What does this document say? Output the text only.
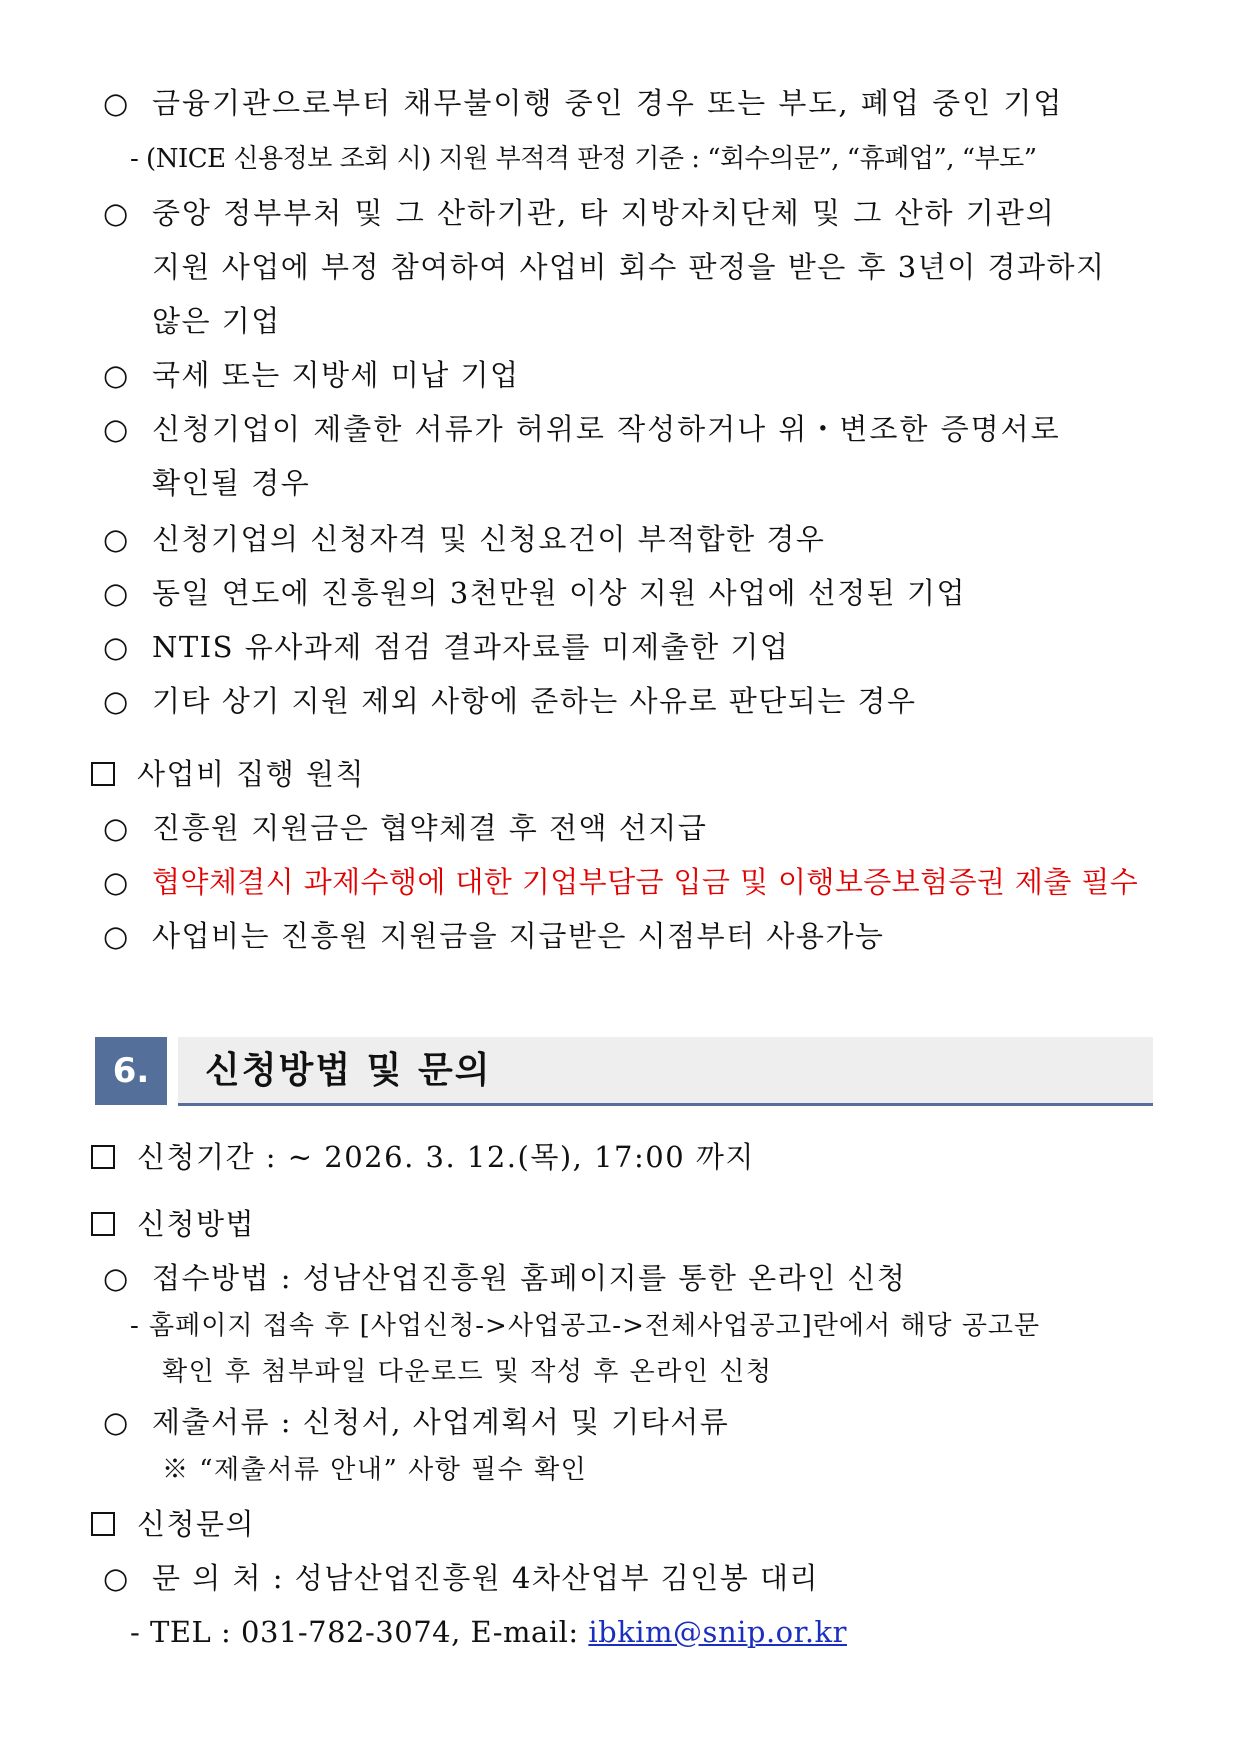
○ 금융기관으로부터 채무불이행 중인 경우 또는 부도, 폐업 중인 기업
- (NICE 신용정보 조회 시) 지원 부적격 판정 기준 : “회수의문”, “휴폐업”, “부도”
○ 중앙 정부부처 및 그 산하기관, 타 지방자치단체 및 그 산하 기관의
지원 사업에 부정 참여하여 사업비 회수 판정을 받은 후 3년이 경과하지
않은 기업
○ 국세 또는 지방세 미납 기업
○ 신청기업이 제출한 서류가 허위로 작성하거나 위・변조한 증명서로
확인될 경우
○ 신청기업의 신청자격 및 신청요건이 부적합한 경우
○ 동일 연도에 진흥원의 3천만원 이상 지원 사업에 선정된 기업
○ NTIS 유사과제 점검 결과자료를 미제출한 기업
○ 기타 상기 지원 제외 사항에 준하는 사유로 판단되는 경우
사업비 집행 원칙
○ 진흥원 지원금은 협약체결 후 전액 선지급
○ 협약체결시 과제수행에 대한 기업부담금 입금 및 이행보증보험증권 제출 필수
○ 사업비는 진흥원 지원금을 지급받은 시점부터 사용가능
6.	신청방법 및 문의
신청기간 : ∼ 2026. 3. 12.(목), 17:00 까지
신청방법
○ 접수방법 : 성남산업진흥원 홈페이지를 통한 온라인 신청
- 홈페이지 접속 후 [사업신청->사업공고->전체사업공고]란에서 해당 공고문
확인 후 첨부파일 다운로드 및 작성 후 온라인 신청
○ 제출서류 : 신청서, 사업계획서 및 기타서류
※ “제출서류 안내” 사항 필수 확인
신청문의
○ 문 의 처 : 성남산업진흥원 4차산업부 김인봉 대리
- TEL : 031-782-3074, E-mail: ibkim@snip.or.kr
